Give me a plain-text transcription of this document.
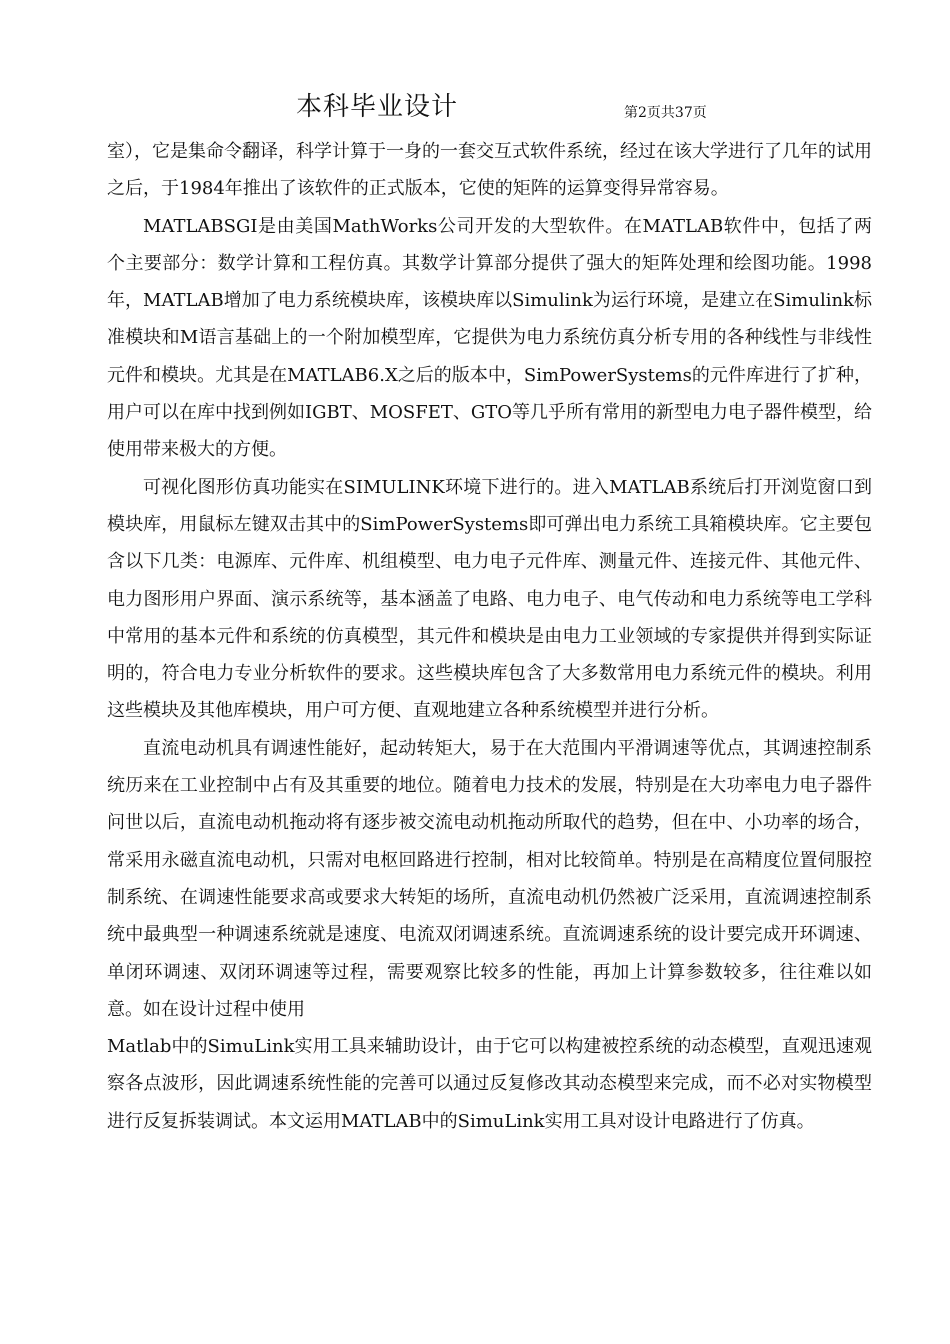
本科毕业设计	第2页共37页

室），它是集命令翻译，科学计算于一身的一套交互式软件系统，经过在该大学进行了几年的试用之后，于1984年推出了该软件的正式版本，它使的矩阵的运算变得异常容易。

MATLABSGI是由美国MathWorks公司开发的大型软件。在MATLAB软件中，包括了两个主要部分：数学计算和工程仿真。其数学计算部分提供了强大的矩阵处理和绘图功能。1998年，MATLAB增加了电力系统模块库，该模块库以Simulink为运行环境，是建立在Simulink标准模块和M语言基础上的一个附加模型库，它提供为电力系统仿真分析专用的各种线性与非线性元件和模块。尤其是在MATLAB6.X之后的版本中，SimPowerSystems的元件库进行了扩种，用户可以在库中找到例如IGBT、MOSFET、GTO等几乎所有常用的新型电力电子器件模型，给使用带来极大的方便。

可视化图形仿真功能实在SIMULINK环境下进行的。进入MATLAB系统后打开浏览窗口到模块库，用鼠标左键双击其中的SimPowerSystems即可弹出电力系统工具箱模块库。它主要包含以下几类：电源库、元件库、机组模型、电力电子元件库、测量元件、连接元件、其他元件、电力图形用户界面、演示系统等，基本涵盖了电路、电力电子、电气传动和电力系统等电工学科中常用的基本元件和系统的仿真模型，其元件和模块是由电力工业领域的专家提供并得到实际证明的，符合电力专业分析软件的要求。这些模块库包含了大多数常用电力系统元件的模块。利用这些模块及其他库模块，用户可方便、直观地建立各种系统模型并进行分析。

直流电动机具有调速性能好，起动转矩大，易于在大范围内平滑调速等优点，其调速控制系统历来在工业控制中占有及其重要的地位。随着电力技术的发展，特别是在大功率电力电子器件问世以后，直流电动机拖动将有逐步被交流电动机拖动所取代的趋势，但在中、小功率的场合，常采用永磁直流电动机，只需对电枢回路进行控制，相对比较简单。特别是在高精度位置伺服控制系统、在调速性能要求高或要求大转矩的场所，直流电动机仍然被广泛采用，直流调速控制系统中最典型一种调速系统就是速度、电流双闭调速系统。直流调速系统的设计要完成开环调速、单闭环调速、双闭环调速等过程，需要观察比较多的性能，再加上计算参数较多，往往难以如意。如在设计过程中使用

Matlab中的SimuLink实用工具来辅助设计，由于它可以构建被控系统的动态模型，直观迅速观察各点波形，因此调速系统性能的完善可以通过反复修改其动态模型来完成，而不必对实物模型进行反复拆装调试。本文运用MATLAB中的SimuLink实用工具对设计电路进行了仿真。
